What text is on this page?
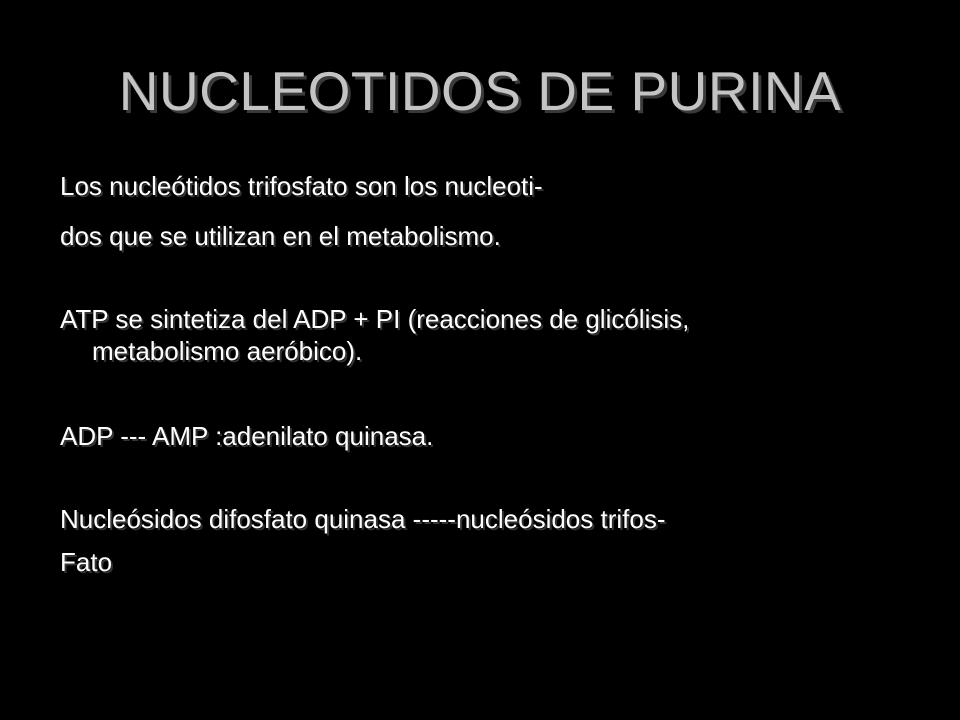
NUCLEOTIDOS DE PURINA
Los nucleótidos trifosfato son los nucleoti-
dos que se utilizan en el metabolismo.
ATP se sintetiza del ADP + PI (reacciones de glicólisis,
metabolismo aeróbico).
ADP --- AMP :adenilato quinasa.
Nucleósidos difosfato quinasa -----nucleósidos trifos-
Fato
